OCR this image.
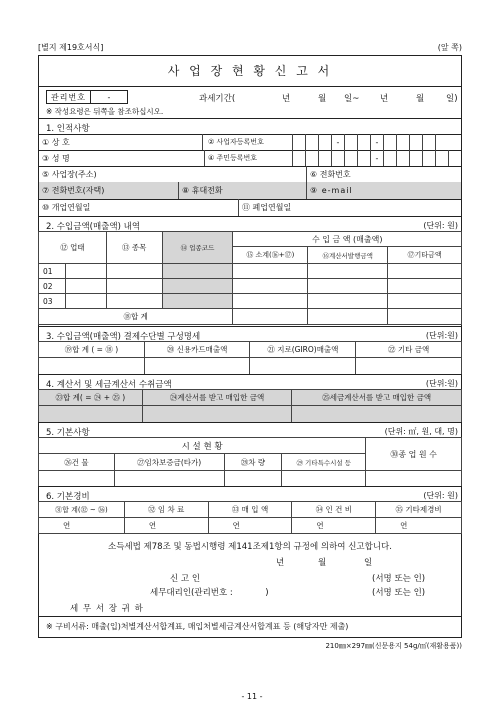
[별지 제19호서식]	(앞 쪽)
사 업 장 현 황 신 고 서
관리번호	-	과세기간(	년	월 일~ 년	월	일)
※ 작성요령은 뒤쪽을 참조하십시오.
1. 인적사항
① 상 호	② 사업자등록번호	-	-
③ 성 명	④ 주민등록번호	-
⑤ 사업장(주소)	⑥ 전화번호
⑦ 전화번호(자택)	⑧ 휴대전화	⑨ e-mail
⑩ 개업연월일	⑪ 폐업연월일
2. 수입금액(매출액) 내역	(단위: 원)
⑫ 업태		⑬ 종목	⑭ 업종코드	수 입 금 액 (매출액)		
				⑮ 소계(⑯+⑰)	⑯계산서발행금액	⑰기타금액
01						
02						
03						
⑱합 계						
3. 수입금액(매출액) 결제수단별 구성명세	(단위:원)
⑲합 계 ( = ⑱ )	⑳ 신용카드매출액	㉑ 지로(GIRO)매출액	㉒ 기타 금액

4. 계산서 및 세금계산서 수취금액	(단위:원)
㉓합 계( = ㉔ + ㉕ )	㉔계산서를 받고 매입한 금액	㉕세금계산서를 받고 매입한 금액

5. 기본사항	(단위: ㎡, 원, 대, 명)
시 설 현 황				㉚종 업 원 수
㉖건 물	㉗임차보증금(타가)	㉘차 량	㉙ 기타특수시설 등	

6. 기본경비	(단위: 원)
㉛합 계(㉜ ~ ㊱)	㉜ 임 차 료	㉝ 매 입 액	㉞ 인 건 비	㉟ 기타제경비
연	연	연	연	연
소득세법 제78조 및 동법시행령 제141조제1항의 규정에 의하여 신고합니다.
년	월	일
신 고 인	(서명 또는 인)
세무대리인(관리번호 :            )	(서명 또는 인)
세 무 서 장 귀 하
※ 구비서류: 매출(입)처별계산서합계표, 매입처별세금계산서합계표 등 (해당자만 제출)
210㎜×297㎜(신문용지 54g/㎡(재활용품))
- 11 -
